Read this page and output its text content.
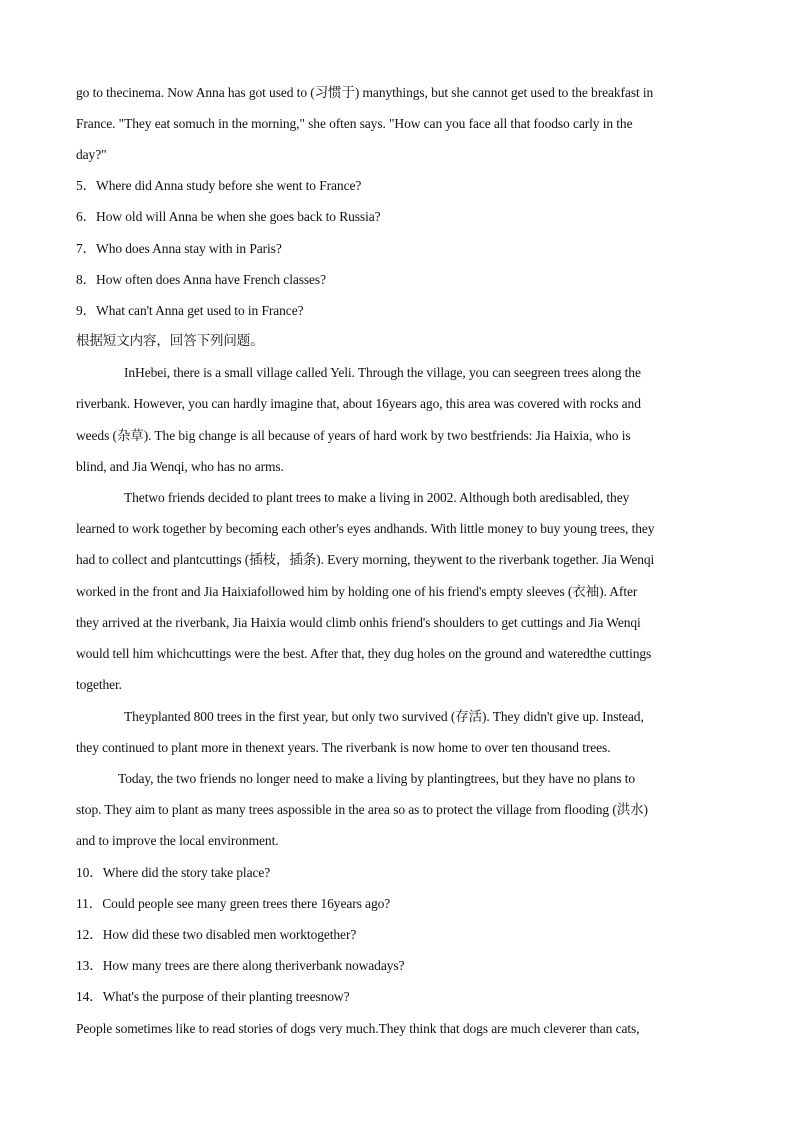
go to thecinema. Now Anna has got used to (习惯于) manythings, but she cannot get used to the breakfast in
France. "They eat somuch in the morning," she often says. "How can you face all that foodso carly in the
day?"
5．Where did Anna study before she went to France?
6．How old will Anna be when she goes back to Russia?
7．Who does Anna stay with in Paris?
8．How often does Anna have French classes?
9．What can't Anna get used to in France?
根据短文内容，回答下列问题。
InHebei, there is a small village called Yeli. Through the village, you can seegreen trees along the
riverbank. However, you can hardly imagine that, about 16years ago, this area was covered with rocks and
weeds (杂草). The big change is all because of years of hard work by two bestfriends: Jia Haixia, who is
blind, and Jia Wenqi, who has no arms.
Thetwo friends decided to plant trees to make a living in 2002. Although both aredisabled, they
learned to work together by becoming each other's eyes andhands. With little money to buy young trees, they
had to collect and plantcuttings (插枝，插条). Every morning, theywent to the riverbank together. Jia Wenqi
worked in the front and Jia Haixiafollowed him by holding one of his friend's empty sleeves (衣袖). After
they arrived at the riverbank, Jia Haixia would climb onhis friend's shoulders to get cuttings and Jia Wenqi
would tell him whichcuttings were the best. After that, they dug holes on the ground and wateredthe cuttings
together.
Theyplanted 800 trees in the first year, but only two survived (存活). They didn't give up. Instead,
they continued to plant more in thenext years. The riverbank is now home to over ten thousand trees.
Today, the two friends no longer need to make a living by plantingtrees, but they have no plans to
stop. They aim to plant as many trees aspossible in the area so as to protect the village from flooding (洪水)
and to improve the local environment.
10．Where did the story take place?
11．Could people see many green trees there 16years ago?
12．How did these two disabled men worktogether?
13．How many trees are there along theriverbank nowadays?
14．What's the purpose of their planting treesnow?
People sometimes like to read stories of dogs very much.They think that dogs are much cleverer than cats,
